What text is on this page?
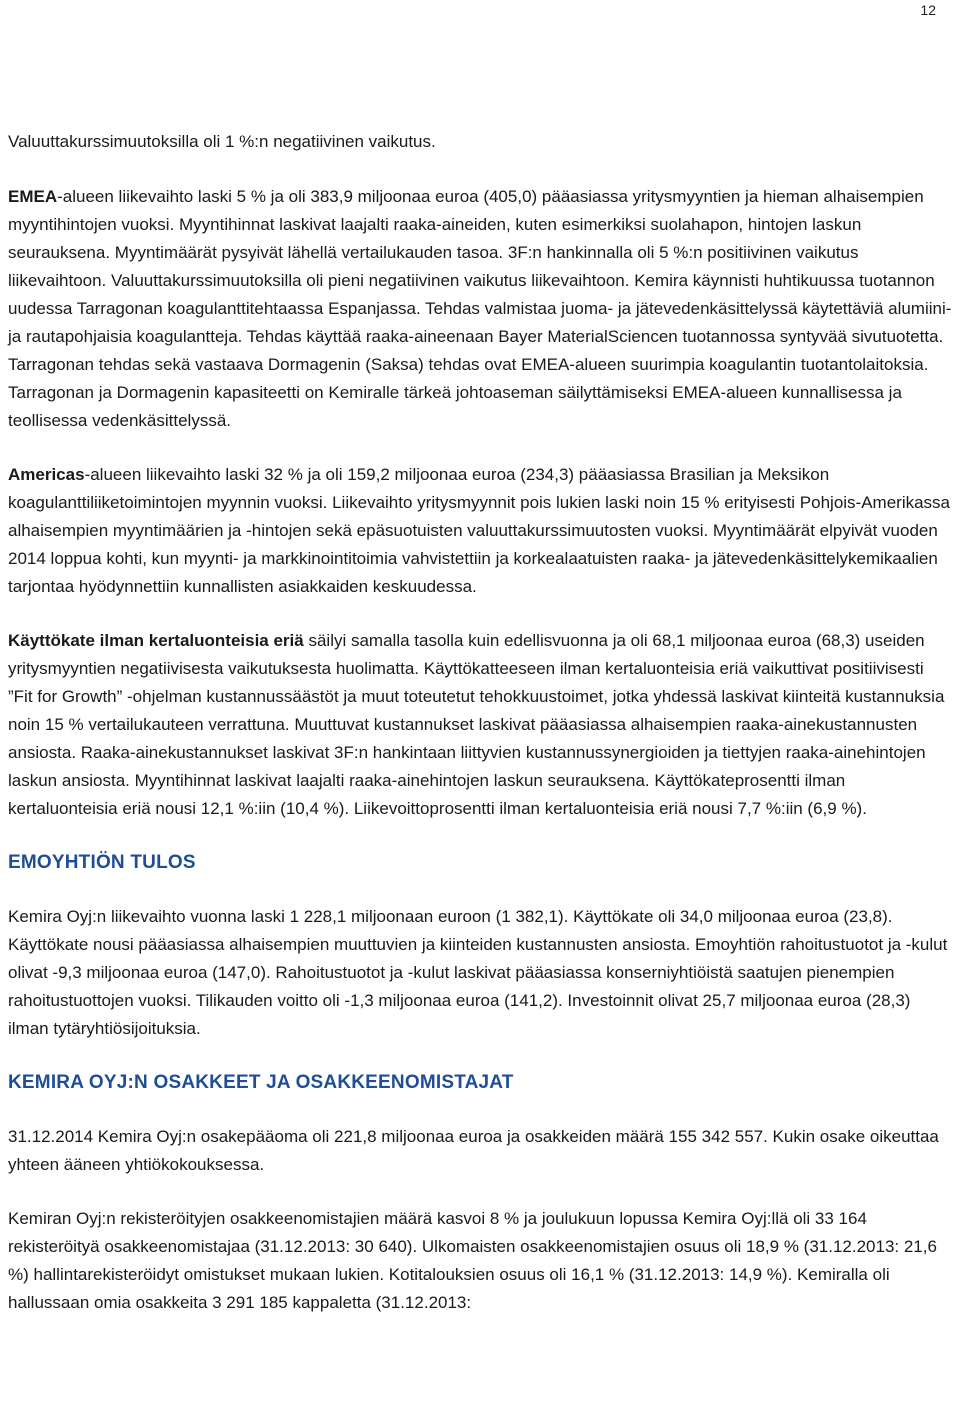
12

Valuuttakurssimuutoksilla oli 1 %:n negatiivinen vaikutus.

EMEA-alueen liikevaihto laski 5 % ja oli 383,9 miljoonaa euroa (405,0) pääasiassa yritysmyyntien ja hieman alhaisempien myyntihintojen vuoksi. Myyntihinnat laskivat laajalti raaka-aineiden, kuten esimerkiksi suolahapon, hintojen laskun seurauksena. Myyntimäärät pysyivät lähellä vertailukauden tasoa. 3F:n hankinnalla oli 5 %:n positiivinen vaikutus liikevaihtoon. Valuuttakurssimuutoksilla oli pieni negatiivinen vaikutus liikevaihtoon. Kemira käynnisti huhtikuussa tuotannon uudessa Tarragonan koagulanttitehtaassa Espanjassa. Tehdas valmistaa juoma- ja jätevedenkäsittelyssä käytettäviä alumiini- ja rautapohjaisia koagulantteja. Tehdas käyttää raaka-aineenaan Bayer MaterialSciencen tuotannossa syntyvää sivutuotetta. Tarragonan tehdas sekä vastaava Dormagenin (Saksa) tehdas ovat EMEA-alueen suurimpia koagulantin tuotantolaitoksia. Tarragonan ja Dormagenin kapasiteetti on Kemiralle tärkeä johtoaseman säilyttämiseksi EMEA-alueen kunnallisessa ja teollisessa vedenkäsittelyssä.

Americas-alueen liikevaihto laski 32 % ja oli 159,2 miljoonaa euroa (234,3) pääasiassa Brasilian ja Meksikon koagulanttiliiketoimintojen myynnin vuoksi. Liikevaihto yritysmyynnit pois lukien laski noin 15 % erityisesti Pohjois-Amerikassa alhaisempien myyntimäärien ja -hintojen sekä epäsuotuisten valuuttakurssimuutosten vuoksi. Myyntimäärät elpyivät vuoden 2014 loppua kohti, kun myynti- ja markkinointitoimia vahvistettiin ja korkealaatuisten raaka- ja jätevedenkäsittelykemikaalien tarjontaa hyödynnettiin kunnallisten asiakkaiden keskuudessa.

Käyttökate ilman kertaluonteisia eriä säilyi samalla tasolla kuin edellisvuonna ja oli 68,1 miljoonaa euroa (68,3) useiden yritysmyyntien negatiivisesta vaikutuksesta huolimatta. Käyttökatteeseen ilman kertaluonteisia eriä vaikuttivat positiivisesti ”Fit for Growth” -ohjelman kustannussäästöt ja muut toteutetut tehokkuustoimet, jotka yhdessä laskivat kiinteitä kustannuksia noin 15 % vertailukauteen verrattuna. Muuttuvat kustannukset laskivat pääasiassa alhaisempien raaka-ainekustannusten ansiosta. Raaka-ainekustannukset laskivat 3F:n hankintaan liittyvien kustannussynergioiden ja tiettyjen raaka-ainehintojen laskun ansiosta. Myyntihinnat laskivat laajalti raaka-ainehintojen laskun seurauksena. Käyttökateprosentti ilman kertaluonteisia eriä nousi 12,1 %:iin (10,4 %). Liikevoittoprosentti ilman kertaluonteisia eriä nousi 7,7 %:iin (6,9 %).

EMOYHTIÖN TULOS

Kemira Oyj:n liikevaihto vuonna laski 1 228,1 miljoonaan euroon (1 382,1). Käyttökate oli 34,0 miljoonaa euroa (23,8). Käyttökate nousi pääasiassa alhaisempien muuttuvien ja kiinteiden kustannusten ansiosta. Emoyhtiön rahoitustuotot ja -kulut olivat -9,3 miljoonaa euroa (147,0). Rahoitustuotot ja -kulut laskivat pääasiassa konserniyhtiöistä saatujen pienempien rahoitustuottojen vuoksi. Tilikauden voitto oli -1,3 miljoonaa euroa (141,2). Investoinnit olivat 25,7 miljoonaa euroa (28,3) ilman tytäryhtiösijoituksia.

KEMIRA OYJ:N OSAKKEET JA OSAKKEENOMISTAJAT

31.12.2014 Kemira Oyj:n osakepääoma oli 221,8 miljoonaa euroa ja osakkeiden määrä 155 342 557. Kukin osake oikeuttaa yhteen ääneen yhtiökokouksessa.

Kemiran Oyj:n rekisteröityjen osakkeenomistajien määrä kasvoi 8 % ja joulukuun lopussa Kemira Oyj:llä oli 33 164 rekisteröityä osakkeenomistajaa (31.12.2013: 30 640). Ulkomaisten osakkeenomistajien osuus oli 18,9 % (31.12.2013: 21,6 %) hallintarekisteröidyt omistukset mukaan lukien. Kotitalouksien osuus oli 16,1 % (31.12.2013: 14,9 %). Kemiralla oli hallussaan omia osakkeita 3 291 185 kappaletta (31.12.2013:
